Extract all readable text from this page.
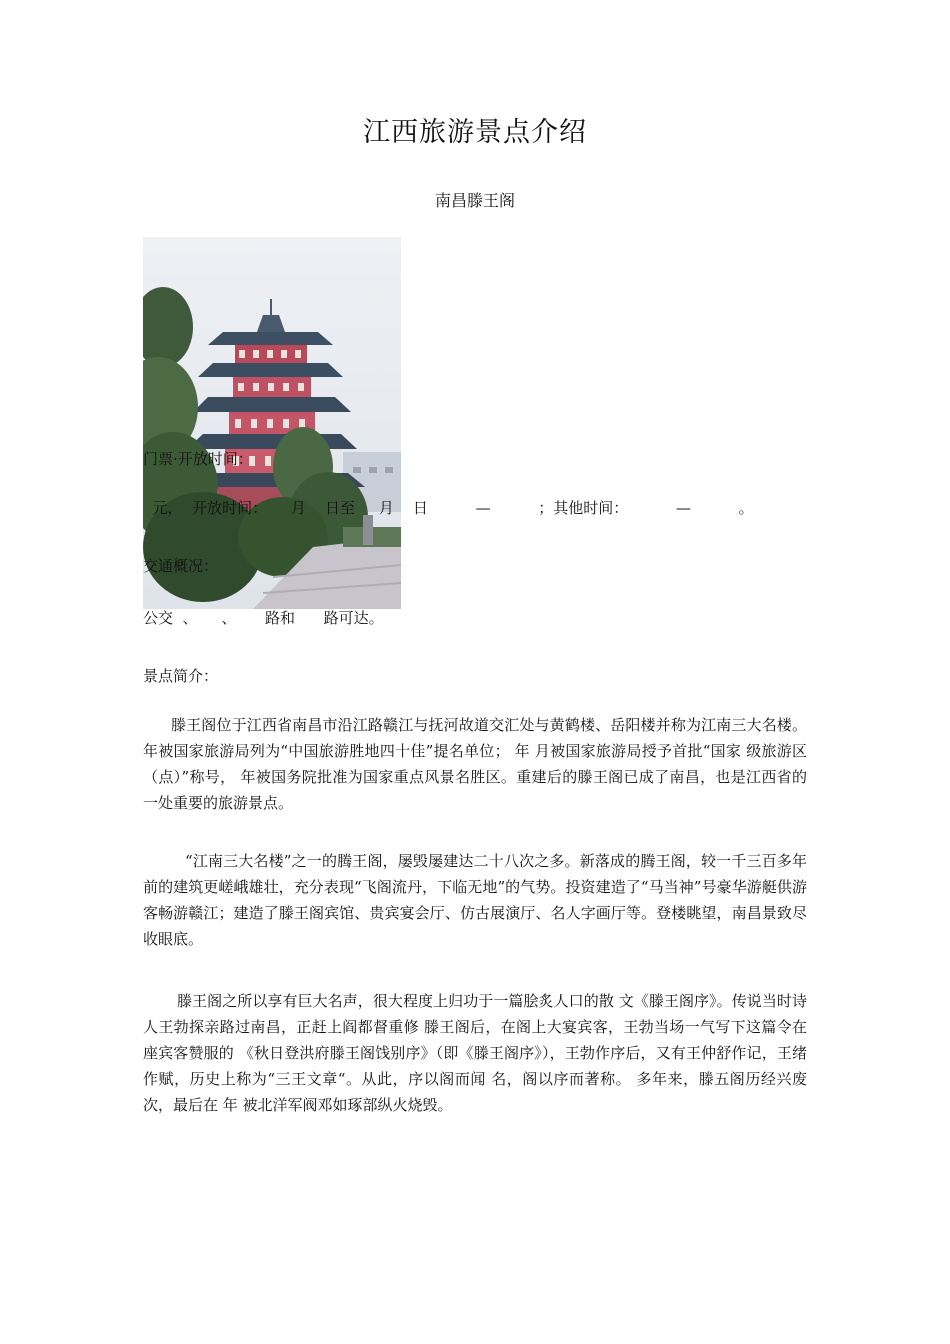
江西旅游景点介绍
南昌滕王阁
门票·开放时间：
元，  开放时间：     月    日至     月    日          —          ；其他时间：          —          。
交通概况：
公交  、     、      路和      路可达。
景点简介：

滕王阁位于江西省南昌市沿江路赣江与抚河故道交汇处与黄鹤楼、岳阳楼并称为江南三大名楼。 年被国家旅游局列为“中国旅游胜地四十佳”提名单位； 年 月被国家旅游局授予首批“国家 级旅游区（点）”称号， 年被国务院批准为国家重点风景名胜区。重建后的滕王阁已成了南昌，也是江西省的一处重要的旅游景点。

“江南三大名楼”之一的腾王阁，屡毁屡建达二十八次之多。新落成的腾王阁，较一千三百多年前的建筑更嵯峨雄壮，充分表现“飞阁流丹，下临无地”的气势。投资建造了“马当神”号豪华游艇供游客畅游赣江；建造了滕王阁宾馆、贵宾宴会厅、仿古展演厅、名人字画厅等。登楼眺望，南昌景致尽收眼底。

滕王阁之所以享有巨大名声，很大程度上归功于一篇脍炙人口的散 文《滕王阁序》。传说当时诗人王勃探亲路过南昌，正赶上阎都督重修 滕王阁后，在阁上大宴宾客，王勃当场一气写下这篇令在座宾客赞服的 《秋日登洪府滕王阁饯别序》（即《滕王阁序》），王勃作序后，又有王仲舒作记，王绪作赋，历史上称为“三王文章“。从此，序以阁而闻 名，阁以序而著称。 多年来，滕五阁历经兴废 次，最后在 年 被北洋军阀邓如琢部纵火烧毁。
